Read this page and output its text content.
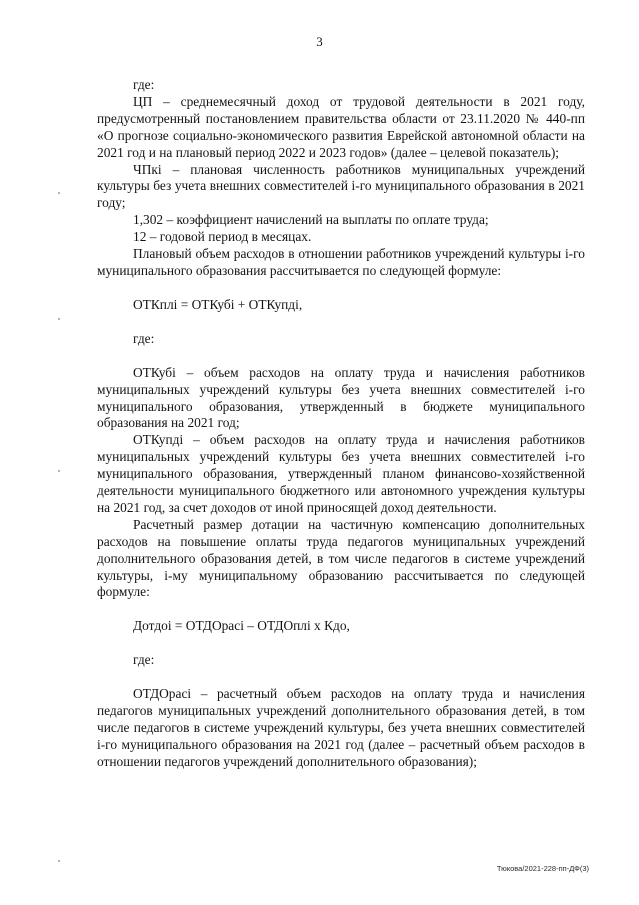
3

где:

ЦП – среднемесячный доход от трудовой деятельности в 2021 году, предусмотренный постановлением правительства области от 23.11.2020 № 440-пп «О прогнозе социально-экономического развития Еврейской автономной области на 2021 год и на плановый период 2022 и 2023 годов» (далее – целевой показатель);

ЧПкі – плановая численность работников муниципальных учреждений культуры без учета внешних совместителей і-го муниципального образования в 2021 году;

1,302 – коэффициент начислений на выплаты по оплате труда;

12 – годовой период в месяцах.

Плановый объем расходов в отношении работников учреждений культуры і-го муниципального образования рассчитывается по следующей формуле:

ОТКплі = ОТКубі + ОТКупді,

где:

ОТКубі – объем расходов на оплату труда и начисления работников муниципальных учреждений культуры без учета внешних совместителей і-го муниципального образования, утвержденный в бюджете муниципального образования на 2021 год;

ОТКупді – объем расходов на оплату труда и начисления работников муниципальных учреждений культуры без учета внешних совместителей і-го муниципального образования, утвержденный планом финансово-хозяйственной деятельности муниципального бюджетного или автономного учреждения культуры на 2021 год, за счет доходов от иной приносящей доход деятельности.

Расчетный размер дотации на частичную компенсацию дополнительных расходов на повышение оплаты труда педагогов муниципальных учреждений дополнительного образования детей, в том числе педагогов в системе учреждений культуры, і-му муниципальному образованию рассчитывается по следующей формуле:

Дотдоі = ОТДОрасі – ОТДОплі х Кдо,

где:

ОТДОрасі – расчетный объем расходов на оплату труда и начисления педагогов муниципальных учреждений дополнительного образования детей, в том числе педагогов в системе учреждений культуры, без учета внешних совместителей і-го муниципального образования на 2021 год (далее – расчетный объем расходов в отношении педагогов учреждений дополнительного образования);

Тюкова/2021-228-пп-ДФ(3)
